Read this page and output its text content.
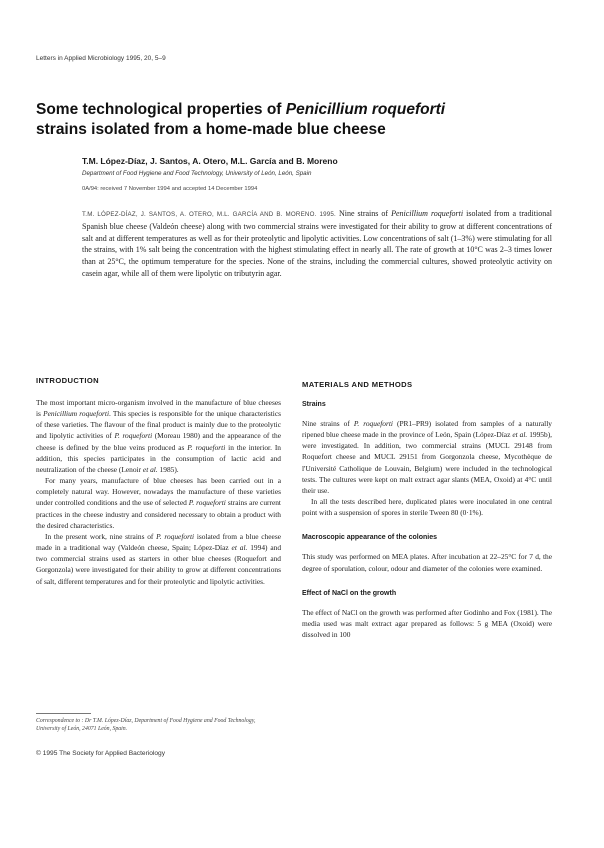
Letters in Applied Microbiology 1995, 20, 5–9
Some technological properties of Penicillium roqueforti
strains isolated from a home-made blue cheese
T.M. López-Díaz, J. Santos, A. Otero, M.L. García and B. Moreno
Department of Food Hygiene and Food Technology, University of León, León, Spain
0A/94: received 7 November 1994 and accepted 14 December 1994
T.M. LÓPEZ-DÍAZ, J. SANTOS, A. OTERO, M.L. GARCÍA AND B. MORENO. 1995. Nine strains of Penicillium roqueforti isolated from a traditional Spanish blue cheese (Valdeón cheese) along with two commercial strains were investigated for their ability to grow at different concentrations of salt and at different temperatures as well as for their proteolytic and lipolytic activities. Low concentrations of salt (1–3%) were stimulating for all the strains, with 1% salt being the concentration with the highest stimulating effect in nearly all. The rate of growth at 10°C was 2–3 times lower than at 25°C, the optimum temperature for the species. None of the strains, including the commercial cultures, showed proteolytic activity on casein agar, while all of them were lipolytic on tributyrin agar.
INTRODUCTION

The most important micro-organism involved in the manufacture of blue cheeses is Penicillium roqueforti. This species is responsible for the unique characteristics of these varieties. The flavour of the final product is mainly due to the proteolytic and lipolytic activities of P. roqueforti (Moreau 1980) and the appearance of the cheese is defined by the blue veins produced as P. roqueforti in the interior. In addition, this species participates in the consumption of lactic acid and neutralization of the cheese (Lenoir et al. 1985).

For many years, manufacture of blue cheeses has been carried out in a completely natural way. However, nowadays the manufacture of these varieties under controlled conditions and the use of selected P. roqueforti strains are current practices in the cheese industry and considered necessary to obtain a product with the desired characteristics.

In the present work, nine strains of P. roqueforti isolated from a blue cheese made in a traditional way (Valdeón cheese, Spain; López-Díaz et al. 1994) and two commercial strains used as starters in other blue cheeses (Roquefort and Gorgonzola) were investigated for their ability to grow at different concentrations of salt, different temperatures and for their proteolytic and lipolytic activities.

MATERIALS AND METHODS
Strains

Nine strains of P. roqueforti (PR1–PR9) isolated from samples of a naturally ripened blue cheese made in the province of León, Spain (López-Díaz et al. 1995b), were investigated. In addition, two commercial strains (MUCL 29148 from Roquefort cheese and MUCL 29151 from Gorgonzola cheese, Mycothèque de l'Université Catholique de Louvain, Belgium) were included in the technological tests. The cultures were kept on malt extract agar slants (MEA, Oxoid) at 4°C until their use.

In all the tests described here, duplicated plates were inoculated in one central point with a suspension of spores in sterile Tween 80 (0·1%).

Macroscopic appearance of the colonies

This study was performed on MEA plates. After incubation at 22–25°C for 7 d, the degree of sporulation, colour, odour and diameter of the colonies were examined.

Effect of NaCl on the growth

The effect of NaCl on the growth was performed after Godinho and Fox (1981). The media used was malt extract agar prepared as follows: 5 g MEA (Oxoid) were dissolved in 100

Correspondence to : Dr T.M. López-Díaz, Department of Food Hygiene and Food Technology, University of León, 24071 León, Spain.
© 1995 The Society for Applied Bacteriology
